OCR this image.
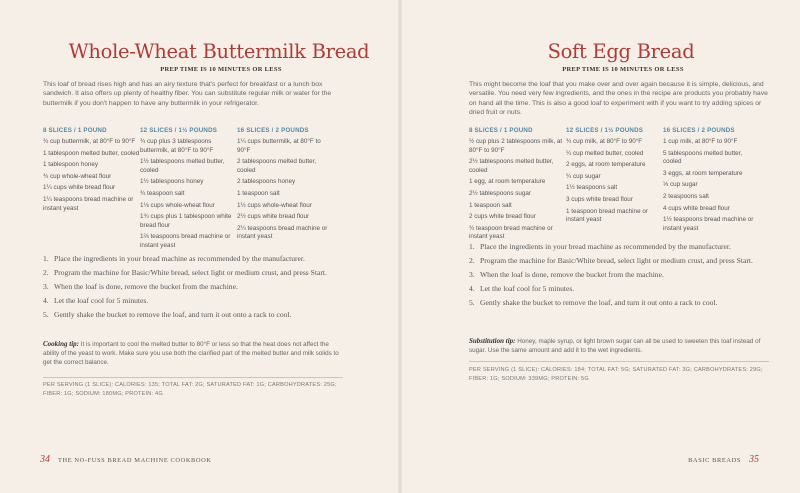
Whole-Wheat Buttermilk Bread
PREP TIME IS 10 MINUTES OR LESS
This loaf of bread rises high and has an airy texture that's perfect for breakfast or a lunch box sandwich. It also offers up plenty of healthy fiber. You can substitute regular milk or water for the buttermilk if you don't happen to have any buttermilk in your refrigerator.
8 SLICES / 1 POUND
¾ cup buttermilk, at 80°F to 90°F
1 tablespoon melted butter, cooled
1 tablespoon honey
¾ cup whole-wheat flour
1¼ cups white bread flour
1¼ teaspoons bread machine or instant yeast
12 SLICES / 1½ POUNDS
¾ cup plus 3 tablespoons buttermilk, at 80°F to 90°F
1½ tablespoons melted butter, cooled
1½ tablespoons honey
¾ teaspoon salt
1⅛ cups whole-wheat flour
1¾ cups plus 1 tablespoon white bread flour
1⅔ teaspoons bread machine or instant yeast
16 SLICES / 2 POUNDS
1¼ cups buttermilk, at 80°F to 90°F
2 tablespoons melted butter, cooled
2 tablespoons honey
1 teaspoon salt
1½ cups whole-wheat flour
2½ cups white bread flour
2¼ teaspoons bread machine or instant yeast
1. Place the ingredients in your bread machine as recommended by the manufacturer.
2. Program the machine for Basic/White bread, select light or medium crust, and press Start.
3. When the loaf is done, remove the bucket from the machine.
4. Let the loaf cool for 5 minutes.
5. Gently shake the bucket to remove the loaf, and turn it out onto a rack to cool.
Cooking tip: It is important to cool the melted butter to 80°F or less so that the heat does not affect the ability of the yeast to work. Make sure you use both the clarified part of the melted butter and milk solids to get the correct balance.
PER SERVING (1 SLICE): CALORIES: 135; TOTAL FAT: 2G; SATURATED FAT: 1G; CARBOHYDRATES: 25G; FIBER: 1G; SODIUM: 180MG; PROTEIN: 4G
34 THE NO-FUSS BREAD MACHINE COOKBOOK
Soft Egg Bread
PREP TIME IS 10 MINUTES OR LESS
This might become the loaf that you make over and over again because it is simple, delicious, and versatile. You need very few ingredients, and the ones in the recipe are products you probably have on hand all the time. This is also a good loaf to experiment with if you want to try adding spices or dried fruit or nuts.
8 SLICES / 1 POUND
½ cup plus 2 tablespoons milk, at 80°F to 90°F
2½ tablespoons melted butter, cooled
1 egg, at room temperature
2½ tablespoons sugar
1 teaspoon salt
2 cups white bread flour
¾ teaspoon bread machine or instant yeast
12 SLICES / 1½ POUNDS
¾ cup milk, at 80°F to 90°F
¼ cup melted butter, cooled
2 eggs, at room temperature
¼ cup sugar
1½ teaspoons salt
3 cups white bread flour
1 teaspoon bread machine or instant yeast
16 SLICES / 2 POUNDS
1 cup milk, at 80°F to 90°F
5 tablespoons melted butter, cooled
3 eggs, at room temperature
⅓ cup sugar
2 teaspoons salt
4 cups white bread flour
1½ teaspoons bread machine or instant yeast
1. Place the ingredients in your bread machine as recommended by the manufacturer.
2. Program the machine for Basic/White bread, select light or medium crust, and press Start.
3. When the loaf is done, remove the bucket from the machine.
4. Let the loaf cool for 5 minutes.
5. Gently shake the bucket to remove the loaf, and turn it out onto a rack to cool.
Substitution tip: Honey, maple syrup, or light brown sugar can all be used to sweeten this loaf instead of sugar. Use the same amount and add it to the wet ingredients.
PER SERVING (1 SLICE): CALORIES: 184; TOTAL FAT: 5G; SATURATED FAT: 3G; CARBOHYDRATES: 29G; FIBER: 1G; SODIUM: 339MG; PROTEIN: 5G
BASIC BREADS 35
